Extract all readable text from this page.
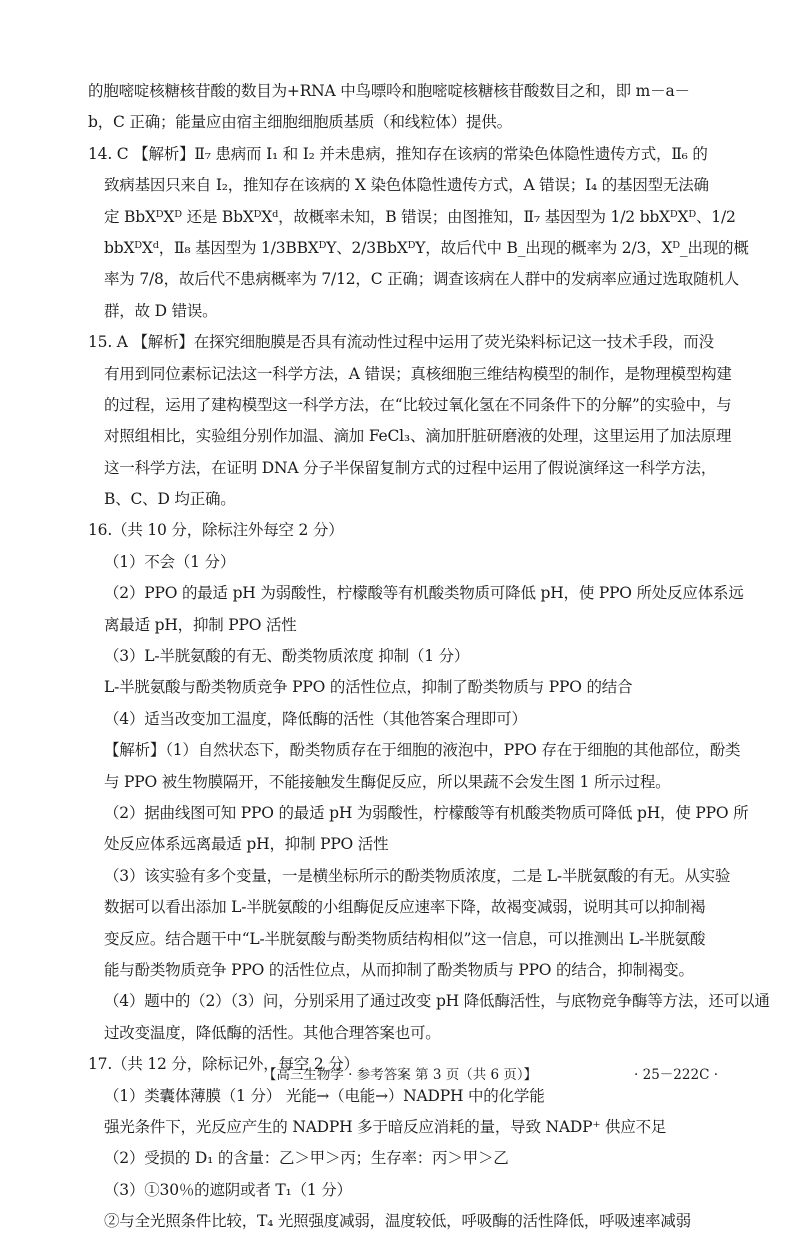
的胞嘧啶核糖核苷酸的数目为+RNA 中鸟嘌呤和胞嘧啶核糖核苷酸数目之和，即 m－a－
b，C 正确；能量应由宿主细胞细胞质基质（和线粒体）提供。
14. C 【解析】Ⅱ₇ 患病而 Ⅰ₁ 和 Ⅰ₂ 并未患病，推知存在该病的常染色体隐性遗传方式，Ⅱ₆ 的
致病基因只来自 Ⅰ₂，推知存在该病的 X 染色体隐性遗传方式，A 错误；Ⅰ₄ 的基因型无法确
定 BbXᴰXᴰ 还是 BbXᴰXᵈ，故概率未知，B 错误；由图推知，Ⅱ₇ 基因型为 1/2 bbXᴰXᴰ、1/2
bbXᴰXᵈ，Ⅱ₈ 基因型为 1/3BBXᴰY、2/3BbXᴰY，故后代中 B_出现的概率为 2/3，Xᴰ_出现的概
率为 7/8，故后代不患病概率为 7/12，C 正确；调查该病在人群中的发病率应通过选取随机人
群，故 D 错误。
15. A 【解析】在探究细胞膜是否具有流动性过程中运用了荧光染料标记这一技术手段，而没
有用到同位素标记法这一科学方法，A 错误；真核细胞三维结构模型的制作，是物理模型构建
的过程，运用了建构模型这一科学方法，在“比较过氧化氢在不同条件下的分解”的实验中，与
对照组相比，实验组分别作加温、滴加 FeCl₃、滴加肝脏研磨液的处理，这里运用了加法原理
这一科学方法，在证明 DNA 分子半保留复制方式的过程中运用了假说演绎这一科学方法，
B、C、D 均正确。
16.（共 10 分，除标注外每空 2 分）
（1）不会（1 分）
（2）PPO 的最适 pH 为弱酸性，柠檬酸等有机酸类物质可降低 pH，使 PPO 所处反应体系远
离最适 pH，抑制 PPO 活性
（3）L-半胱氨酸的有无、酚类物质浓度 抑制（1 分）
L-半胱氨酸与酚类物质竞争 PPO 的活性位点，抑制了酚类物质与 PPO 的结合
（4）适当改变加工温度，降低酶的活性（其他答案合理即可）
【解析】（1）自然状态下，酚类物质存在于细胞的液泡中，PPO 存在于细胞的其他部位，酚类
与 PPO 被生物膜隔开，不能接触发生酶促反应，所以果蔬不会发生图 1 所示过程。
（2）据曲线图可知 PPO 的最适 pH 为弱酸性，柠檬酸等有机酸类物质可降低 pH，使 PPO 所
处反应体系远离最适 pH，抑制 PPO 活性
（3）该实验有多个变量，一是横坐标所示的酚类物质浓度，二是 L-半胱氨酸的有无。从实验
数据可以看出添加 L-半胱氨酸的小组酶促反应速率下降，故褐变减弱，说明其可以抑制褐
变反应。结合题干中“L-半胱氨酸与酚类物质结构相似”这一信息，可以推测出 L-半胱氨酸
能与酚类物质竞争 PPO 的活性位点，从而抑制了酚类物质与 PPO 的结合，抑制褐变。
（4）题中的（2）（3）问，分别采用了通过改变 pH 降低酶活性，与底物竞争酶等方法，还可以通
过改变温度，降低酶的活性。其他合理答案也可。
17.（共 12 分，除标记外，每空 2 分）
（1）类囊体薄膜（1 分） 光能→（电能→）NADPH 中的化学能
强光条件下，光反应产生的 NADPH 多于暗反应消耗的量，导致 NADP⁺ 供应不足
（2）受损的 D₁ 的含量：乙＞甲＞丙；生存率：丙＞甲＞乙
（3）①30％的遮阴或者 T₁（1 分）
②与全光照条件比较，T₄ 光照强度减弱，温度较低，呼吸酶的活性降低，呼吸速率减弱
【高三生物学 · 参考答案 第 3 页（共 6 页）】	· 25－222C ·
